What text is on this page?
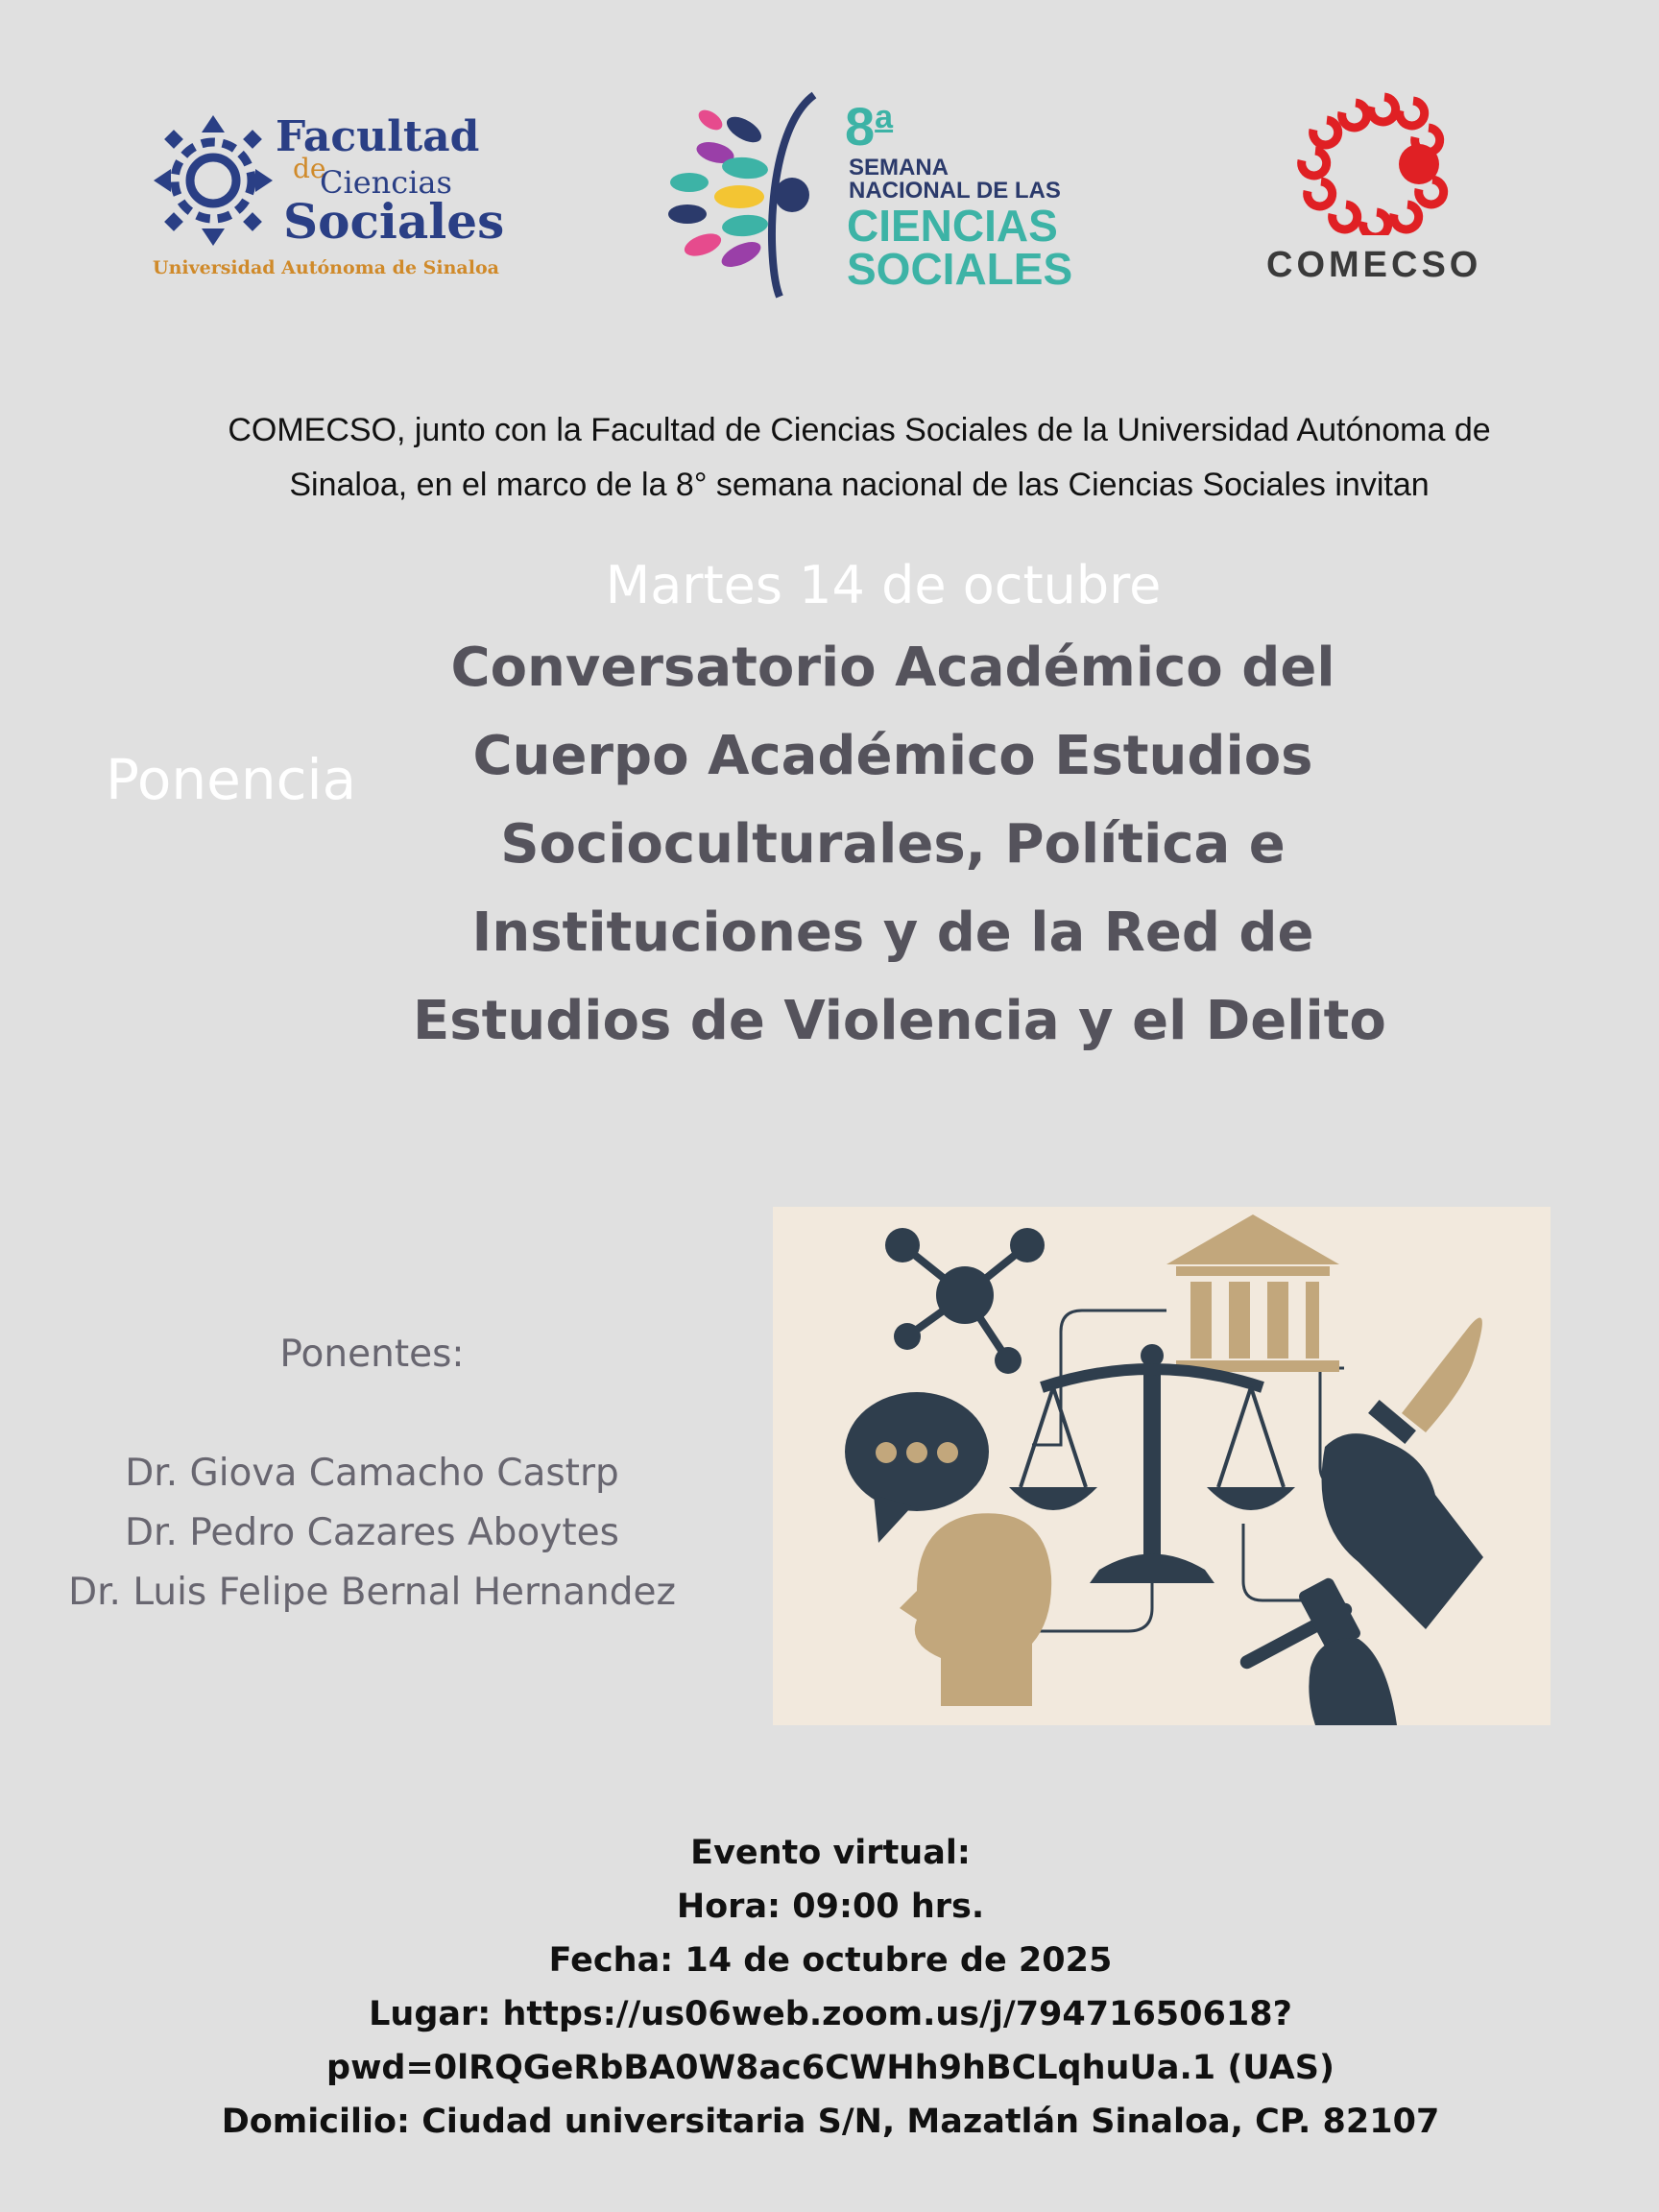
Facultad
de
Ciencias
Sociales
Universidad Autónoma de Sinaloa
8$^a$
SEMANA
NACIONAL DE LAS
CIENCIAS
SOCIALES	COMECSO
COMECSO, junto con la Facultad de Ciencias Sociales de la Universidad Autónoma de
Sinaloa, en el marco de la 8° semana nacional de las Ciencias Sociales invitan
Martes 14 de octubre
Ponencia
Conversatorio Académico del
Cuerpo Académico Estudios
Socioculturales, Política e
Instituciones y de la Red de
Estudios de Violencia y el Delito
Ponentes:

Dr. Giova Camacho Castrp
Dr. Pedro Cazares Aboytes
Dr. Luis Felipe Bernal Hernandez
Evento virtual:
Hora: 09:00 hrs.
Fecha: 14 de octubre de 2025
Lugar: https://us06web.zoom.us/j/79471650618?
pwd=0lRQGeRbBA0W8ac6CWHh9hBCLqhuUa.1 (UAS)
Domicilio: Ciudad universitaria S/N, Mazatlán Sinaloa, CP. 82107
